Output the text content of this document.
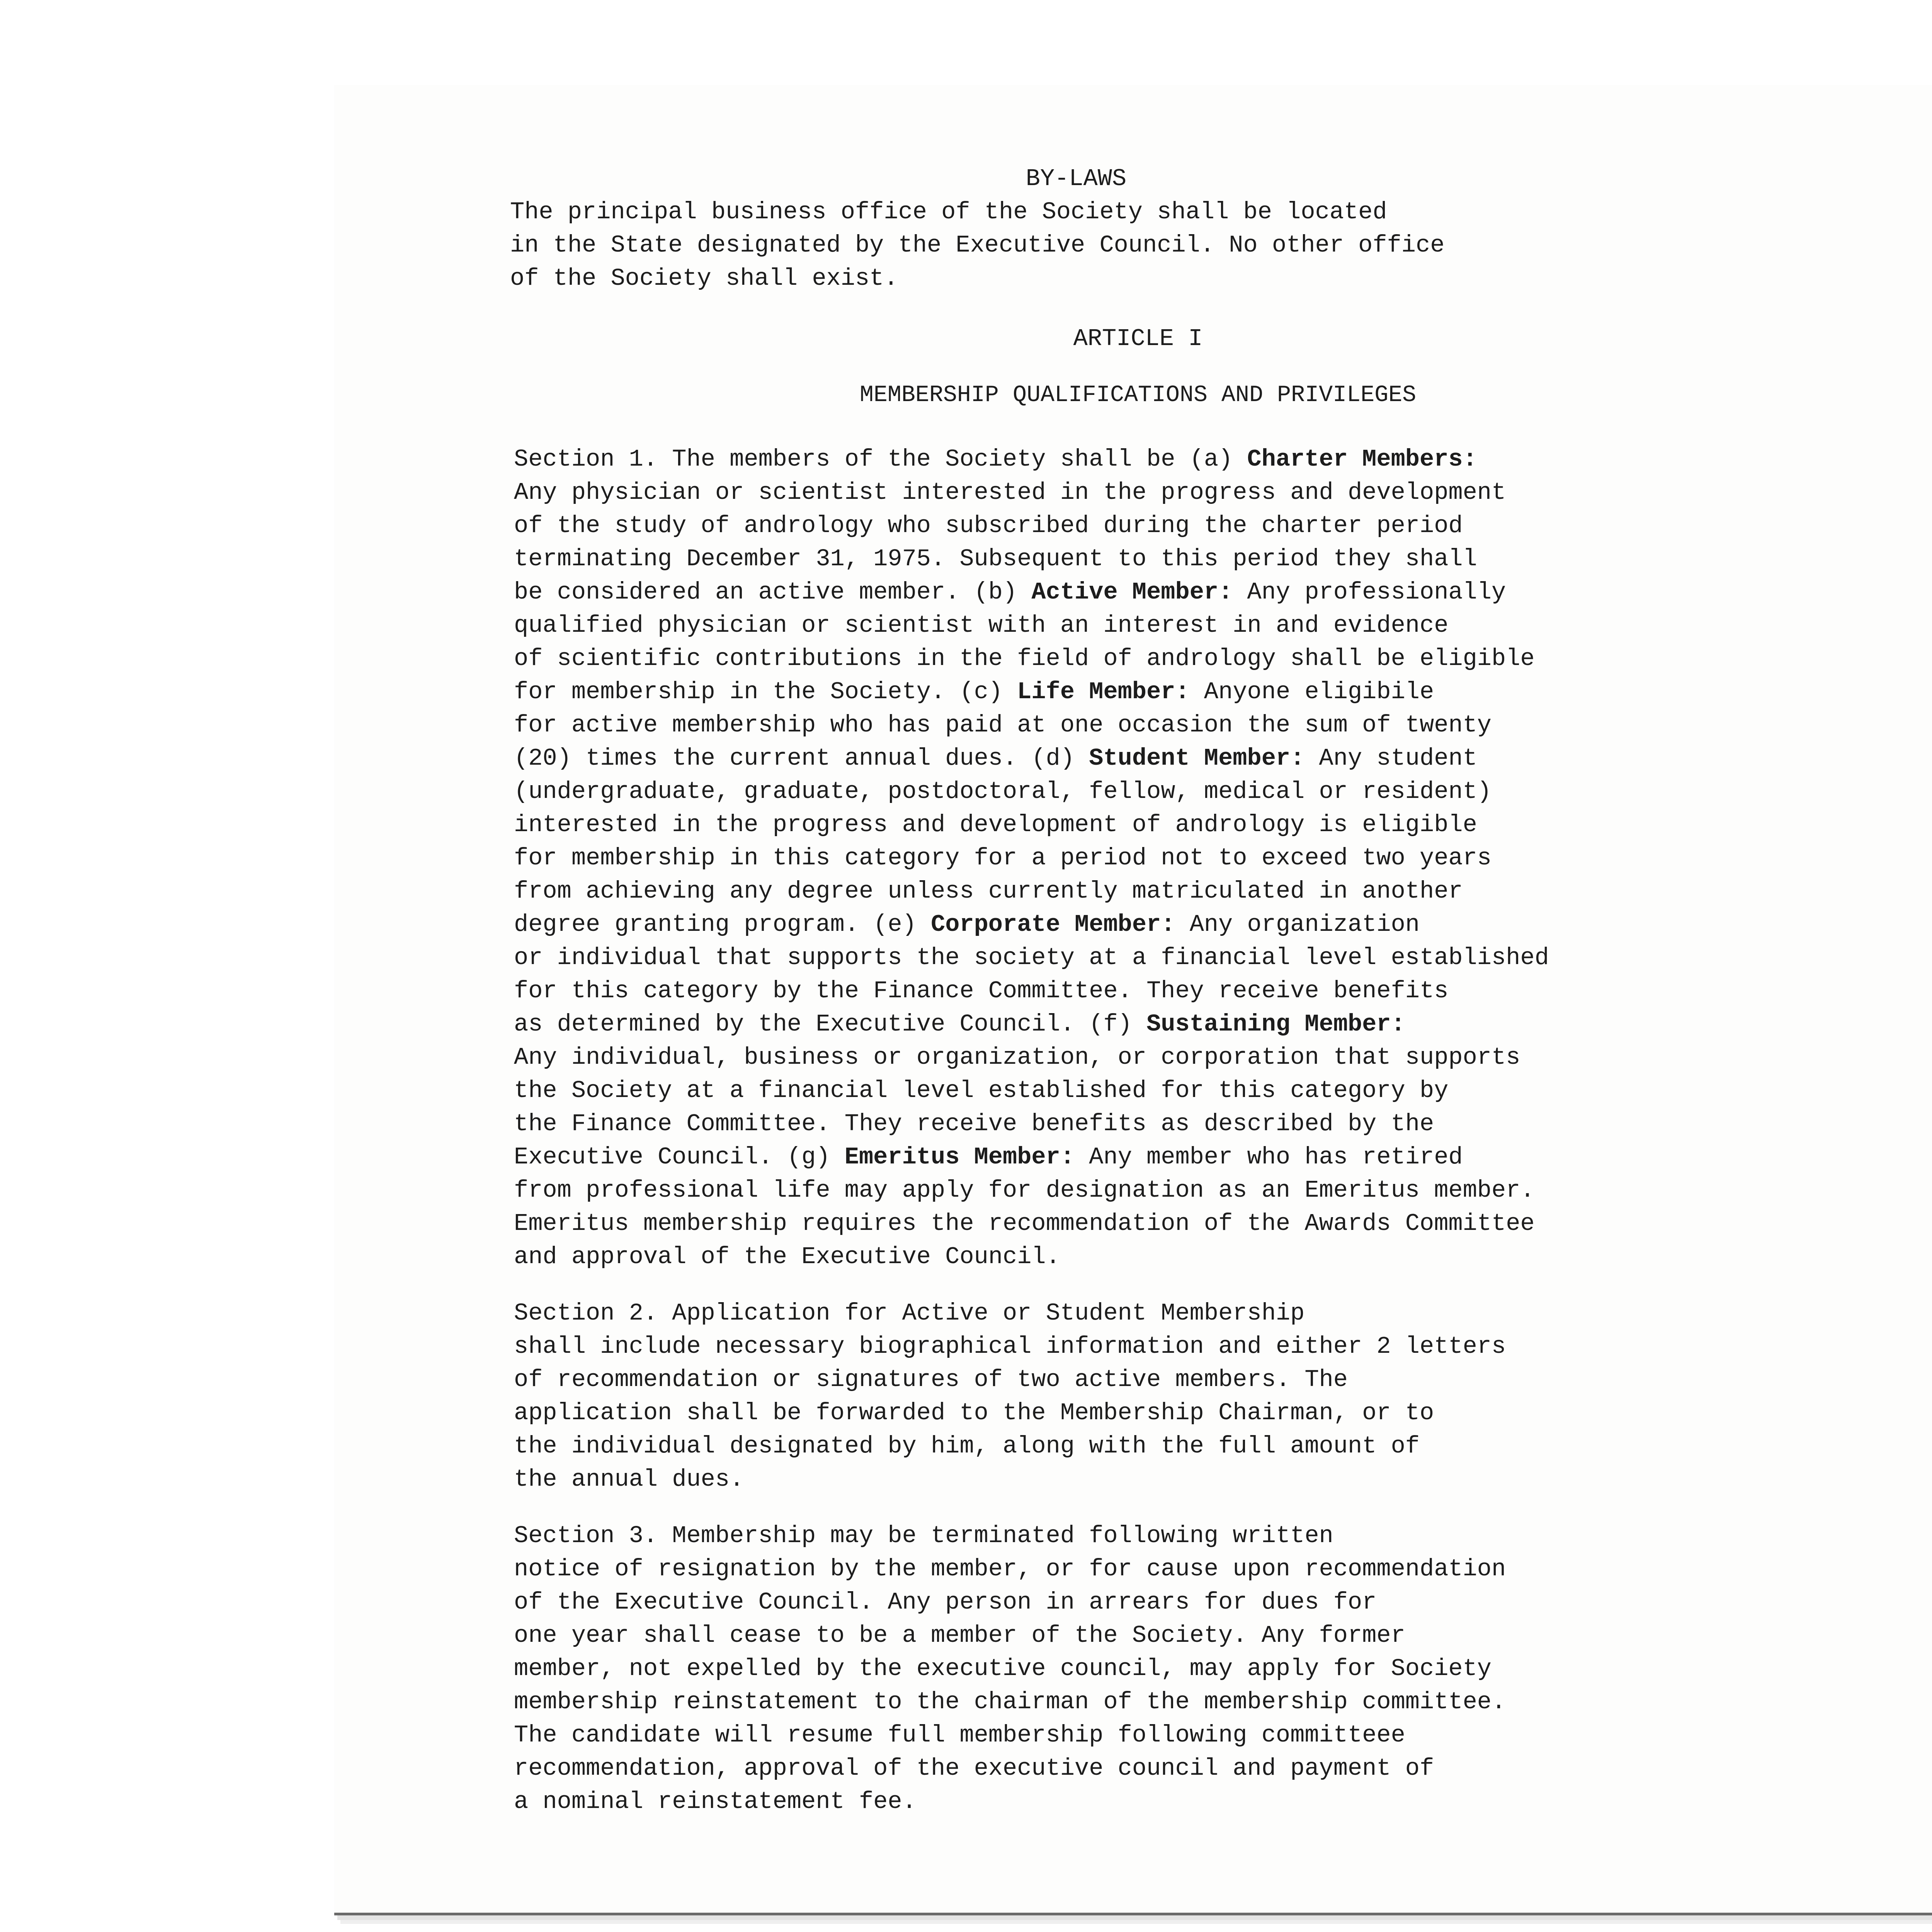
BY-LAWS

The principal business office of the Society shall be located
in the State designated by the Executive Council. No other office
of the Society shall exist.

ARTICLE I
MEMBERSHIP QUALIFICATIONS AND PRIVILEGES

Section 1. The members of the Society shall be (a) Charter Members:
Any physician or scientist interested in the progress and development
of the study of andrology who subscribed during the charter period
terminating December 31, 1975. Subsequent to this period they shall
be considered an active member. (b) Active Member: Any professionally
qualified physician or scientist with an interest in and evidence
of scientific contributions in the field of andrology shall be eligible
for membership in the Society. (c) Life Member: Anyone eligibile
for active membership who has paid at one occasion the sum of twenty
(20) times the current annual dues. (d) Student Member: Any student
(undergraduate, graduate, postdoctoral, fellow, medical or resident)
interested in the progress and development of andrology is eligible
for membership in this category for a period not to exceed two years
from achieving any degree unless currently matriculated in another
degree granting program. (e) Corporate Member: Any organization
or individual that supports the society at a financial level established
for this category by the Finance Committee. They receive benefits
as determined by the Executive Council. (f) Sustaining Member:
Any individual, business or organization, or corporation that supports
the Society at a financial level established for this category by
the Finance Committee. They receive benefits as described by the
Executive Council. (g) Emeritus Member: Any member who has retired
from professional life may apply for designation as an Emeritus member.
Emeritus membership requires the recommendation of the Awards Committee
and approval of the Executive Council.

Section 2. Application for Active or Student Membership
shall include necessary biographical information and either 2 letters
of recommendation or signatures of two active members. The
application shall be forwarded to the Membership Chairman, or to
the individual designated by him, along with the full amount of
the annual dues.

Section 3. Membership may be terminated following written
notice of resignation by the member, or for cause upon recommendation
of the Executive Council. Any person in arrears for dues for
one year shall cease to be a member of the Society. Any former
member, not expelled by the executive council, may apply for Society
membership reinstatement to the chairman of the membership committee.
The candidate will resume full membership following committeee
recommendation, approval of the executive council and payment of
a nominal reinstatement fee.
